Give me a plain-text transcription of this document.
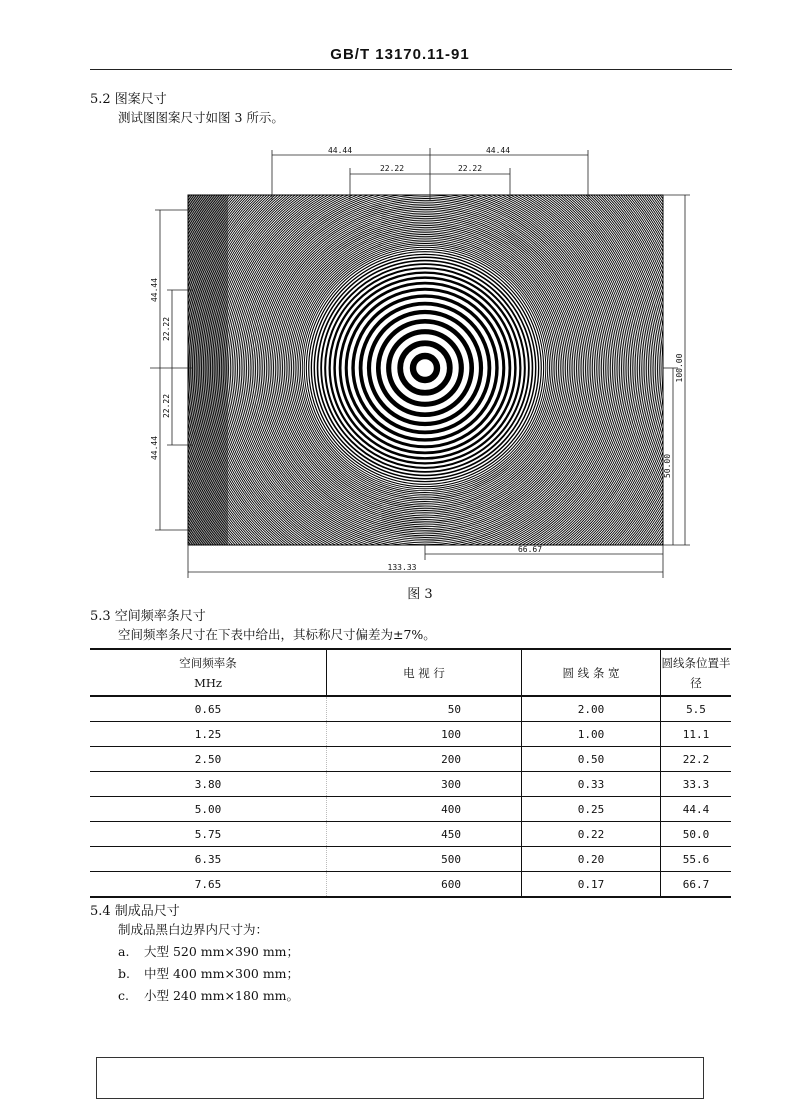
GB/T 13170.11-91
5.2 图案尺寸
测试图图案尺寸如图 3 所示。
44.44
22.22	22.22
44.44
44.44
22.22
22.22
44.44
100.00
50.00
66.67
133.33
图 3
5.3 空间频率条尺寸
空间频率条尺寸在下表中给出，其标称尺寸偏差为±7%。
空间频率条
MHz	电 视 行	圆 线 条 宽	圆线条位置半径
0.65	50	2.00	5.5
1.25	100	1.00	11.1
2.50	200	0.50	22.2
3.80	300	0.33	33.3
5.00	400	0.25	44.4
5.75	450	0.22	50.0
6.35	500	0.20	55.6
7.65	600	0.17	66.7
5.4 制成品尺寸
制成品黑白边界内尺寸为：
a. 大型 520 mm×390 mm；
b. 中型 400 mm×300 mm；
c. 小型 240 mm×180 mm。
